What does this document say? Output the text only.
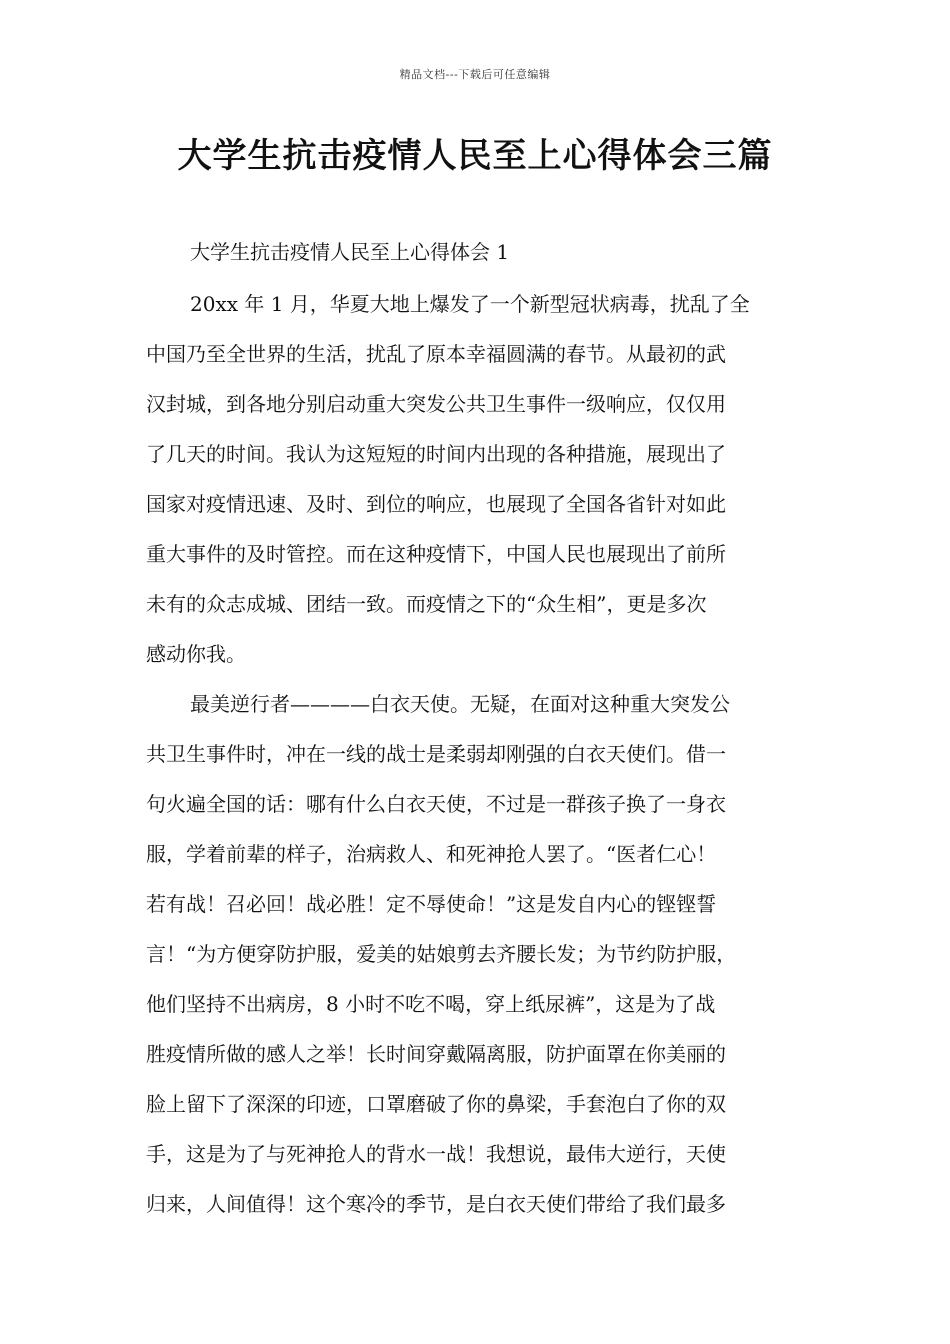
精品文档---下载后可任意编辑
大学生抗击疫情人民至上心得体会三篇
大学生抗击疫情人民至上心得体会 1
20xx 年 1 月，华夏大地上爆发了一个新型冠状病毒，扰乱了全
中国乃至全世界的生活，扰乱了原本幸福圆满的春节。从最初的武
汉封城，到各地分别启动重大突发公共卫生事件一级响应，仅仅用
了几天的时间。我认为这短短的时间内出现的各种措施，展现出了
国家对疫情迅速、及时、到位的响应，也展现了全国各省针对如此
重大事件的及时管控。而在这种疫情下，中国人民也展现出了前所
未有的众志成城、团结一致。而疫情之下的“众生相”，更是多次
感动你我。
最美逆行者————白衣天使。无疑，在面对这种重大突发公
共卫生事件时，冲在一线的战士是柔弱却刚强的白衣天使们。借一
句火遍全国的话：哪有什么白衣天使，不过是一群孩子换了一身衣
服，学着前辈的样子，治病救人、和死神抢人罢了。“医者仁心！
若有战！召必回！战必胜！定不辱使命！”这是发自内心的铿铿誓
言！“为方便穿防护服，爱美的姑娘剪去齐腰长发；为节约防护服，
他们坚持不出病房，8 小时不吃不喝，穿上纸尿裤”，这是为了战
胜疫情所做的感人之举！长时间穿戴隔离服，防护面罩在你美丽的
脸上留下了深深的印迹，口罩磨破了你的鼻梁，手套泡白了你的双
手，这是为了与死神抢人的背水一战！我想说，最伟大逆行，天使
归来，人间值得！这个寒冷的季节，是白衣天使们带给了我们最多
